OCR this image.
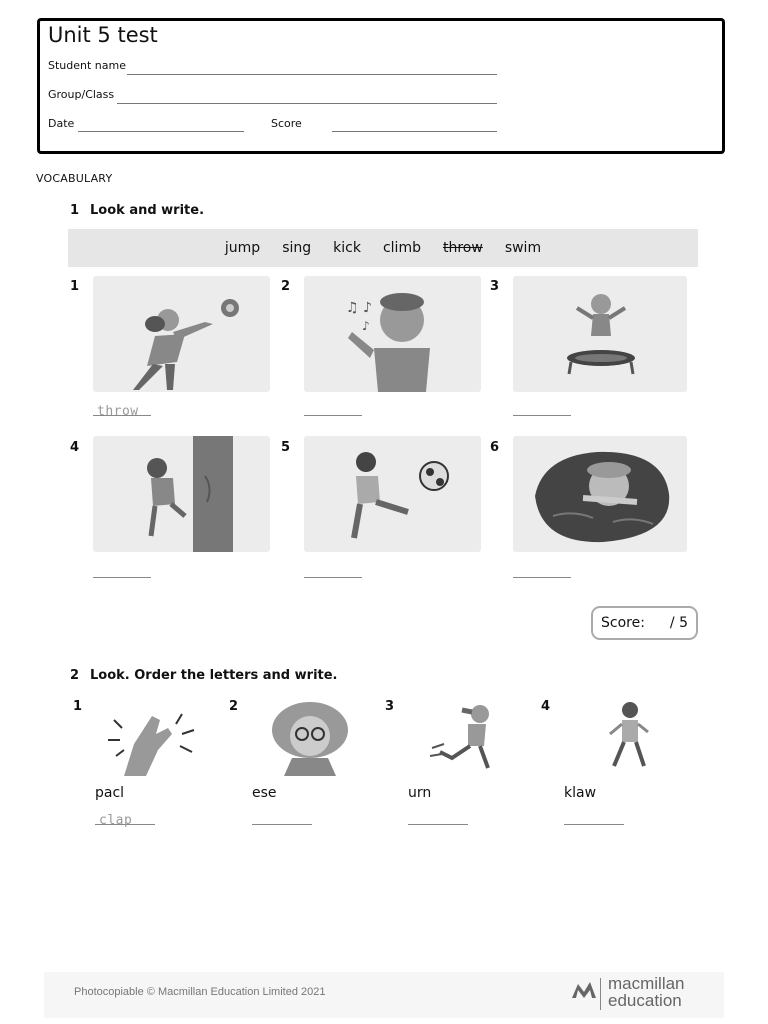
Unit 5 test
Student name
Group/Class
Date	Score
VOCABULARY
1 Look and write.
jump sing kick climb throw swim
1
throw
2
♫ ♪
♪
3
4	5	6
Score: / 5
2 Look. Order the letters and write.
1
pacl
clap
2
ese
3
urn
4
klaw
Photocopiable © Macmillan Education Limited 2021	macmillan
education
